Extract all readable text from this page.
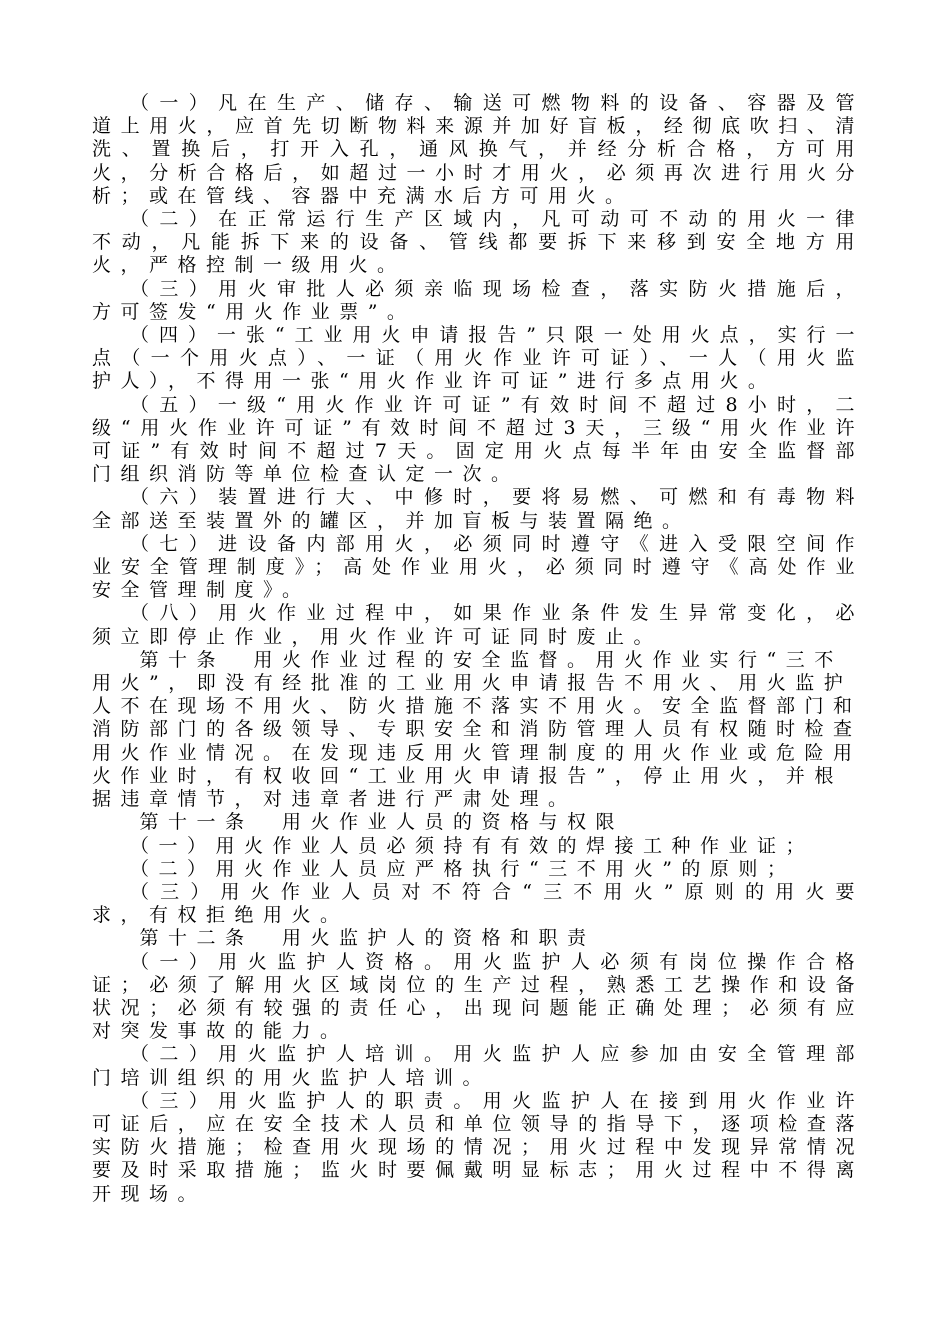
（一）凡在生产、储存、输送可燃物料的设备、容器及管道上用火，应首先切断物料来源并加好盲板，经彻底吹扫、清洗、置换后，打开入孔，通风换气，并经分析合格，方可用火，分析合格后，如超过一小时才用火，必须再次进行用火分析；或在管线、容器中充满水后方可用火。

（二）在正常运行生产区域内，凡可动可不动的用火一律不动，凡能拆下来的设备、管线都要拆下来移到安全地方用火，严格控制一级用火。

（三）用火审批人必须亲临现场检查，落实防火措施后，方可签发“用火作业票”。

（四）一张“工业用火申请报告”只限一处用火点，实行一点（一个用火点）、一证（用火作业许可证）、一人（用火监护人），不得用一张“用火作业许可证”进行多点用火。

（五）一级“用火作业许可证”有效时间不超过8小时，二级“用火作业许可证”有效时间不超过3天，三级“用火作业许可证”有效时间不超过7天。固定用火点每半年由安全监督部门组织消防等单位检查认定一次。

（六）装置进行大、中修时，要将易燃、可燃和有毒物料全部送至装置外的罐区，并加盲板与装置隔绝。

（七）进设备内部用火，必须同时遵守《进入受限空间作业安全管理制度》；高处作业用火，必须同时遵守《高处作业安全管理制度》。

（八）用火作业过程中，如果作业条件发生异常变化，必须立即停止作业，用火作业许可证同时废止。

第十条　用火作业过程的安全监督。用火作业实行“三不用火”，即没有经批准的工业用火申请报告不用火、用火监护人不在现场不用火、防火措施不落实不用火。安全监督部门和消防部门的各级领导、专职安全和消防管理人员有权随时检查用火作业情况。在发现违反用火管理制度的用火作业或危险用火作业时，有权收回“工业用火申请报告”，停止用火，并根据违章情节，对违章者进行严肃处理。

第十一条　用火作业人员的资格与权限

（一）用火作业人员必须持有有效的焊接工种作业证；

（二）用火作业人员应严格执行“三不用火”的原则；

（三）用火作业人员对不符合“三不用火”原则的用火要求，有权拒绝用火。

第十二条　用火监护人的资格和职责

（一）用火监护人资格。用火监护人必须有岗位操作合格证；必须了解用火区域岗位的生产过程，熟悉工艺操作和设备状况；必须有较强的责任心，出现问题能正确处理；必须有应对突发事故的能力。

（二）用火监护人培训。用火监护人应参加由安全管理部门培训组织的用火监护人培训。

（三）用火监护人的职责。用火监护人在接到用火作业许可证后，应在安全技术人员和单位领导的指导下，逐项检查落实防火措施；检查用火现场的情况；用火过程中发现异常情况要及时采取措施；监火时要佩戴明显标志；用火过程中不得离开现场。
